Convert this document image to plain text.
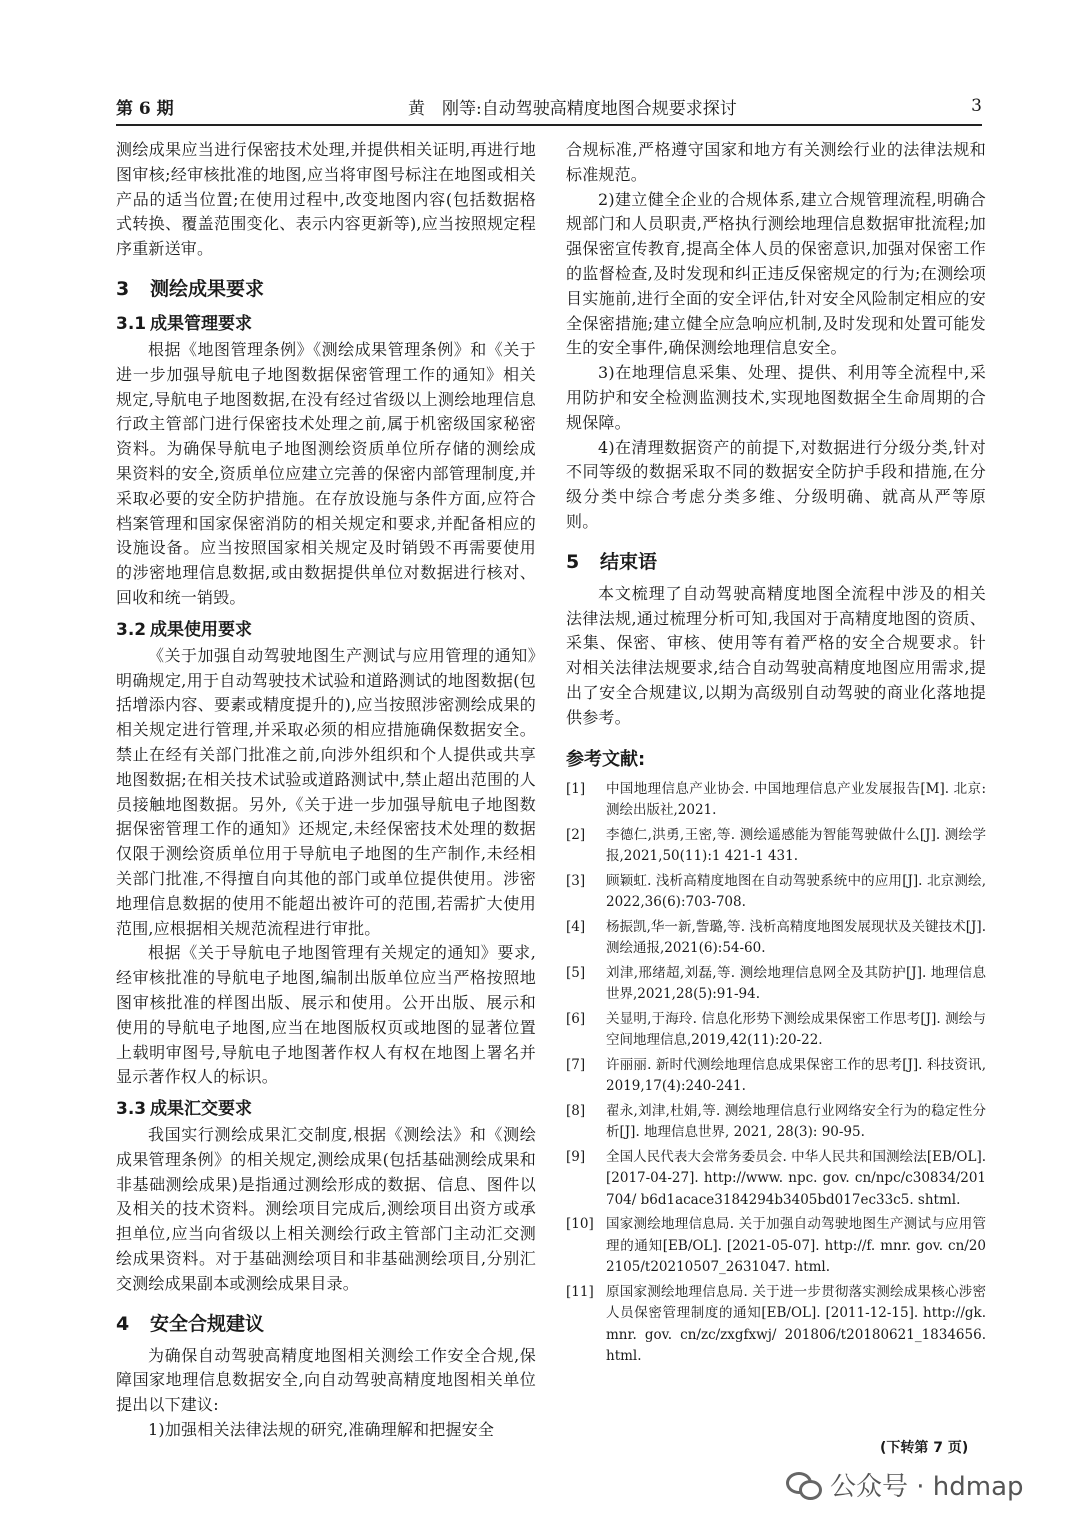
第 6 期	黄　刚等:自动驾驶高精度地图合规要求探讨	3

测绘成果应当进行保密技术处理,并提供相关证明,再进行地图审核;经审核批准的地图,应当将审图号标注在地图或相关产品的适当位置;在使用过程中,改变地图内容(包括数据格式转换、覆盖范围变化、表示内容更新等),应当按照规定程序重新送审。

3 测绘成果要求
3.1 成果管理要求

根据《地图管理条例》《测绘成果管理条例》和《关于进一步加强导航电子地图数据保密管理工作的通知》相关规定,导航电子地图数据,在没有经过省级以上测绘地理信息行政主管部门进行保密技术处理之前,属于机密级国家秘密资料。为确保导航电子地图测绘资质单位所存储的测绘成果资料的安全,资质单位应建立完善的保密内部管理制度,并采取必要的安全防护措施。在存放设施与条件方面,应符合档案管理和国家保密消防的相关规定和要求,并配备相应的设施设备。应当按照国家相关规定及时销毁不再需要使用的涉密地理信息数据,或由数据提供单位对数据进行核对、回收和统一销毁。

3.2 成果使用要求

《关于加强自动驾驶地图生产测试与应用管理的通知》明确规定,用于自动驾驶技术试验和道路测试的地图数据(包括增添内容、要素或精度提升的),应当按照涉密测绘成果的相关规定进行管理,并采取必须的相应措施确保数据安全。禁止在经有关部门批准之前,向涉外组织和个人提供或共享地图数据;在相关技术试验或道路测试中,禁止超出范围的人员接触地图数据。另外,《关于进一步加强导航电子地图数据保密管理工作的通知》还规定,未经保密技术处理的数据仅限于测绘资质单位用于导航电子地图的生产制作,未经相关部门批准,不得擅自向其他的部门或单位提供使用。涉密地理信息数据的使用不能超出被许可的范围,若需扩大使用范围,应根据相关规范流程进行审批。

根据《关于导航电子地图管理有关规定的通知》要求,经审核批准的导航电子地图,编制出版单位应当严格按照地图审核批准的样图出版、展示和使用。公开出版、展示和使用的导航电子地图,应当在地图版权页或地图的显著位置上载明审图号,导航电子地图著作权人有权在地图上署名并显示著作权人的标识。

3.3 成果汇交要求

我国实行测绘成果汇交制度,根据《测绘法》和《测绘成果管理条例》的相关规定,测绘成果(包括基础测绘成果和非基础测绘成果)是指通过测绘形成的数据、信息、图件以及相关的技术资料。测绘项目完成后,测绘项目出资方或承担单位,应当向省级以上相关测绘行政主管部门主动汇交测绘成果资料。对于基础测绘项目和非基础测绘项目,分别汇交测绘成果副本或测绘成果目录。

4 安全合规建议

为确保自动驾驶高精度地图相关测绘工作安全合规,保障国家地理信息数据安全,向自动驾驶高精度地图相关单位提出以下建议:

1)加强相关法律法规的研究,准确理解和把握安全

合规标准,严格遵守国家和地方有关测绘行业的法律法规和标准规范。

2)建立健全企业的合规体系,建立合规管理流程,明确合规部门和人员职责,严格执行测绘地理信息数据审批流程;加强保密宣传教育,提高全体人员的保密意识,加强对保密工作的监督检查,及时发现和纠正违反保密规定的行为;在测绘项目实施前,进行全面的安全评估,针对安全风险制定相应的安全保密措施;建立健全应急响应机制,及时发现和处置可能发生的安全事件,确保测绘地理信息安全。

3)在地理信息采集、处理、提供、利用等全流程中,采用防护和安全检测监测技术,实现地图数据全生命周期的合规保障。

4)在清理数据资产的前提下,对数据进行分级分类,针对不同等级的数据采取不同的数据安全防护手段和措施,在分级分类中综合考虑分类多维、分级明确、就高从严等原则。

5 结束语

本文梳理了自动驾驶高精度地图全流程中涉及的相关法律法规,通过梳理分析可知,我国对于高精度地图的资质、采集、保密、审核、使用等有着严格的安全合规要求。针对相关法律法规要求,结合自动驾驶高精度地图应用需求,提出了安全合规建议,以期为高级别自动驾驶的商业化落地提供参考。

参考文献:
[1]	中国地理信息产业协会. 中国地理信息产业发展报告[M]. 北京:测绘出版社,2021.
[2]	李德仁,洪勇,王密,等. 测绘遥感能为智能驾驶做什么[J]. 测绘学报,2021,50(11):1 421-1 431.
[3]	顾颖虹. 浅析高精度地图在自动驾驶系统中的应用[J]. 北京测绘,2022,36(6):703-708.
[4]	杨振凯,华一新,訾璐,等. 浅析高精度地图发展现状及关键技术[J]. 测绘通报,2021(6):54-60.
[5]	刘津,邢绪超,刘磊,等. 测绘地理信息网全及其防护[J]. 地理信息世界,2021,28(5):91-94.
[6]	关显明,于海玲. 信息化形势下测绘成果保密工作思考[J]. 测绘与空间地理信息,2019,42(11):20-22.
[7]	许丽丽. 新时代测绘地理信息成果保密工作的思考[J]. 科技资讯,2019,17(4):240-241.
[8]	翟永,刘津,杜娟,等. 测绘地理信息行业网络安全行为的稳定性分析[J]. 地理信息世界, 2021, 28(3): 90-95.
[9]	全国人民代表大会常务委员会. 中华人民共和国测绘法[EB/OL]. [2017-04-27]. http://www. npc. gov. cn/npc/c30834/201704/ b6d1acace3184294b3405bd017ec33c5. shtml.
[10] 国家测绘地理信息局. 关于加强自动驾驶地图生产测试与应用管理的通知[EB/OL]. [2021-05-07]. http://f. mnr. gov. cn/202105/t20210507_2631047. html.
[11] 原国家测绘地理信息局. 关于进一步贯彻落实测绘成果核心涉密人员保密管理制度的通知[EB/OL]. [2011-12-15]. http://gk. mnr. gov. cn/zc/zxgfxwj/ 201806/t20180621_1834656. html.
(下转第 7 页)
公众号 · hdmap
